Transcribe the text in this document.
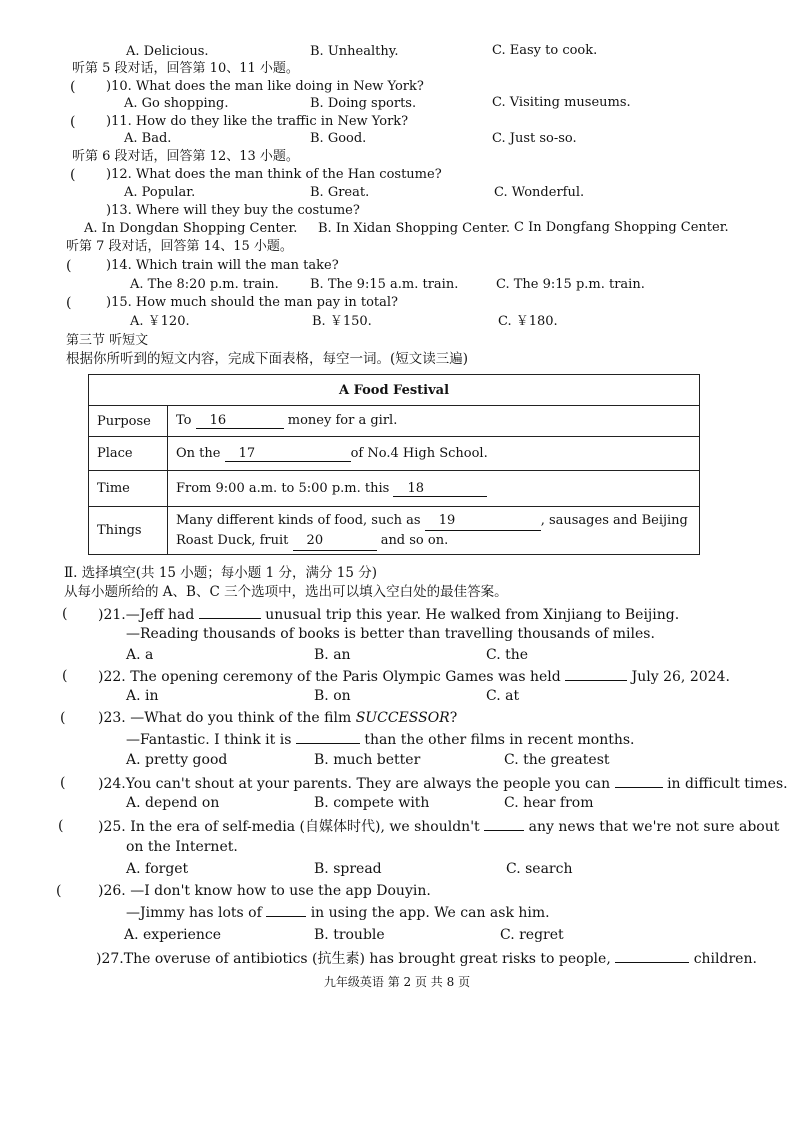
A. Delicious.	B. Unhealthy.	C. Easy to cook.
听第 5 段对话，回答第 10、11 小题。
( )10. What does the man like doing in New York?
A. Go shopping.	B. Doing sports.	C. Visiting museums.
( )11. How do they like the traffic in New York?
A. Bad.	B. Good.	C. Just so-so.
听第 6 段对话，回答第 12、13 小题。
( )12. What does the man think of the Han costume?
A. Popular.	B. Great.	C. Wonderful.
)13. Where will they buy the costume?
A. In Dongdan Shopping Center. B. In Xidan Shopping Center. C In Dongfang Shopping Center.
听第 7 段对话，回答第 14、15 小题。
(	)14. Which train will the man take?
A. The 8:20 p.m. train. B. The 9:15 a.m. train.	C. The 9:15 p.m. train.
(	)15. How much should the man pay in total?
A. ￥120.	B. ￥150.	C. ￥180.
第三节 听短文
根据你所听到的短文内容，完成下面表格，每空一词。(短文读三遍)
A Food Festival	
Purpose	To 16 money for a girl.
Place	On the 17 of No.4 High School.
Time	From 9:00 a.m. to 5:00 p.m. this 18
Things	Many different kinds of food, such as 19 , sausages and Beijing
Roast Duck, fruit 20 and so on.
Ⅱ. 选择填空(共 15 小题；每小题 1 分，满分 15 分)
从每小题所给的 A、B、C 三个选项中，选出可以填入空白处的最佳答案。
( )21.—Jeff had	unusual trip this year. He walked from Xinjiang to Beijing.
—Reading thousands of books is better than travelling thousands of miles.
A. a	B. an	C. the
( )22. The opening ceremony of the Paris Olympic Games was held	July 26, 2024.
A. in	B. on	C. at
( )23. —What do you think of the film SUCCESSOR?
—Fantastic. I think it is	than the other films in recent months.
A. pretty good	B. much better	C. the greatest
( )24.You can't shout at your parents. They are always the people you can	in difficult times.
A. depend on	B. compete with	C. hear from
( )25. In the era of self-media (自媒体时代), we shouldn't	any news that we're not sure about
on the Internet.
A. forget	B. spread	C. search
(	)26. —I don't know how to use the app Douyin.
—Jimmy has lots of	in using the app. We can ask him.
A. experience	B. trouble	C. regret
)27.The overuse of antibiotics (抗生素) has brought great risks to people,	children.
九年级英语 第 2 页 共 8 页
